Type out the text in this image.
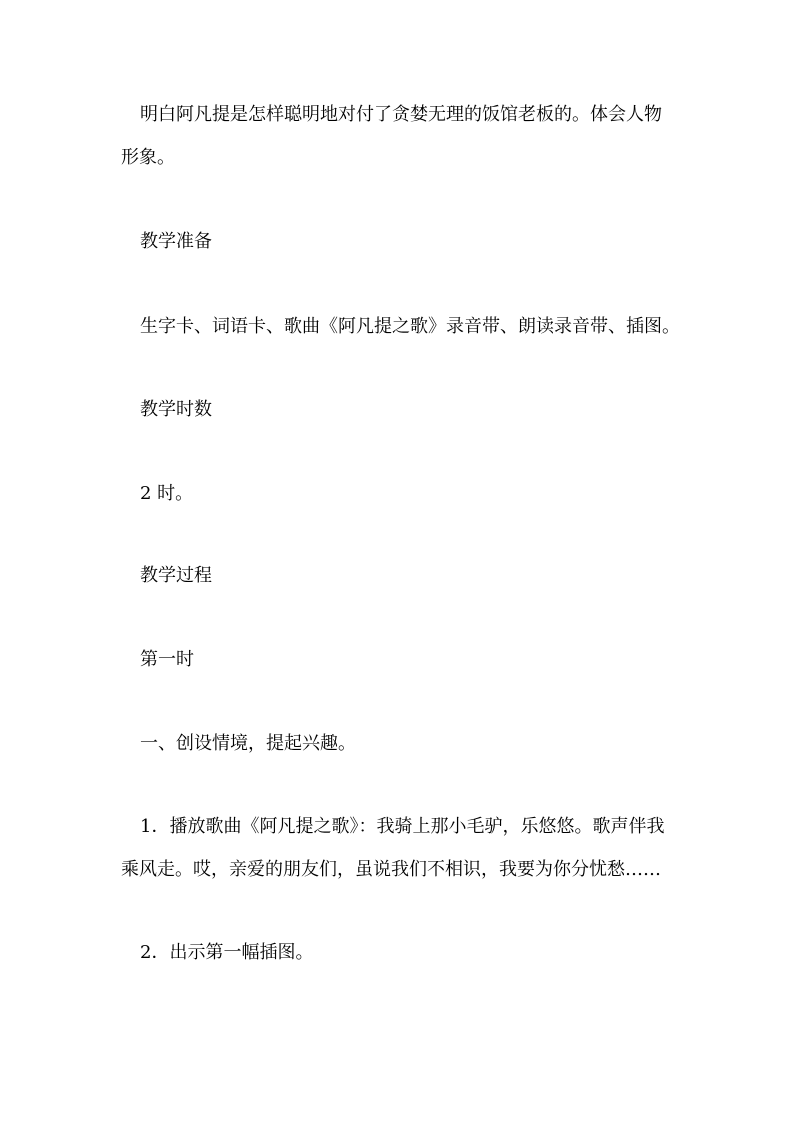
明白阿凡提是怎样聪明地对付了贪婪无理的饭馆老板的。体会人物
形象。
教学准备
生字卡、词语卡、歌曲《阿凡提之歌》录音带、朗读录音带、插图。
教学时数
2 时。
教学过程
第一时
一、创设情境，提起兴趣。
1．播放歌曲《阿凡提之歌》：我骑上那小毛驴，乐悠悠。歌声伴我
乘风走。哎，亲爱的朋友们，虽说我们不相识，我要为你分忧愁……
2．出示第一幅插图。
